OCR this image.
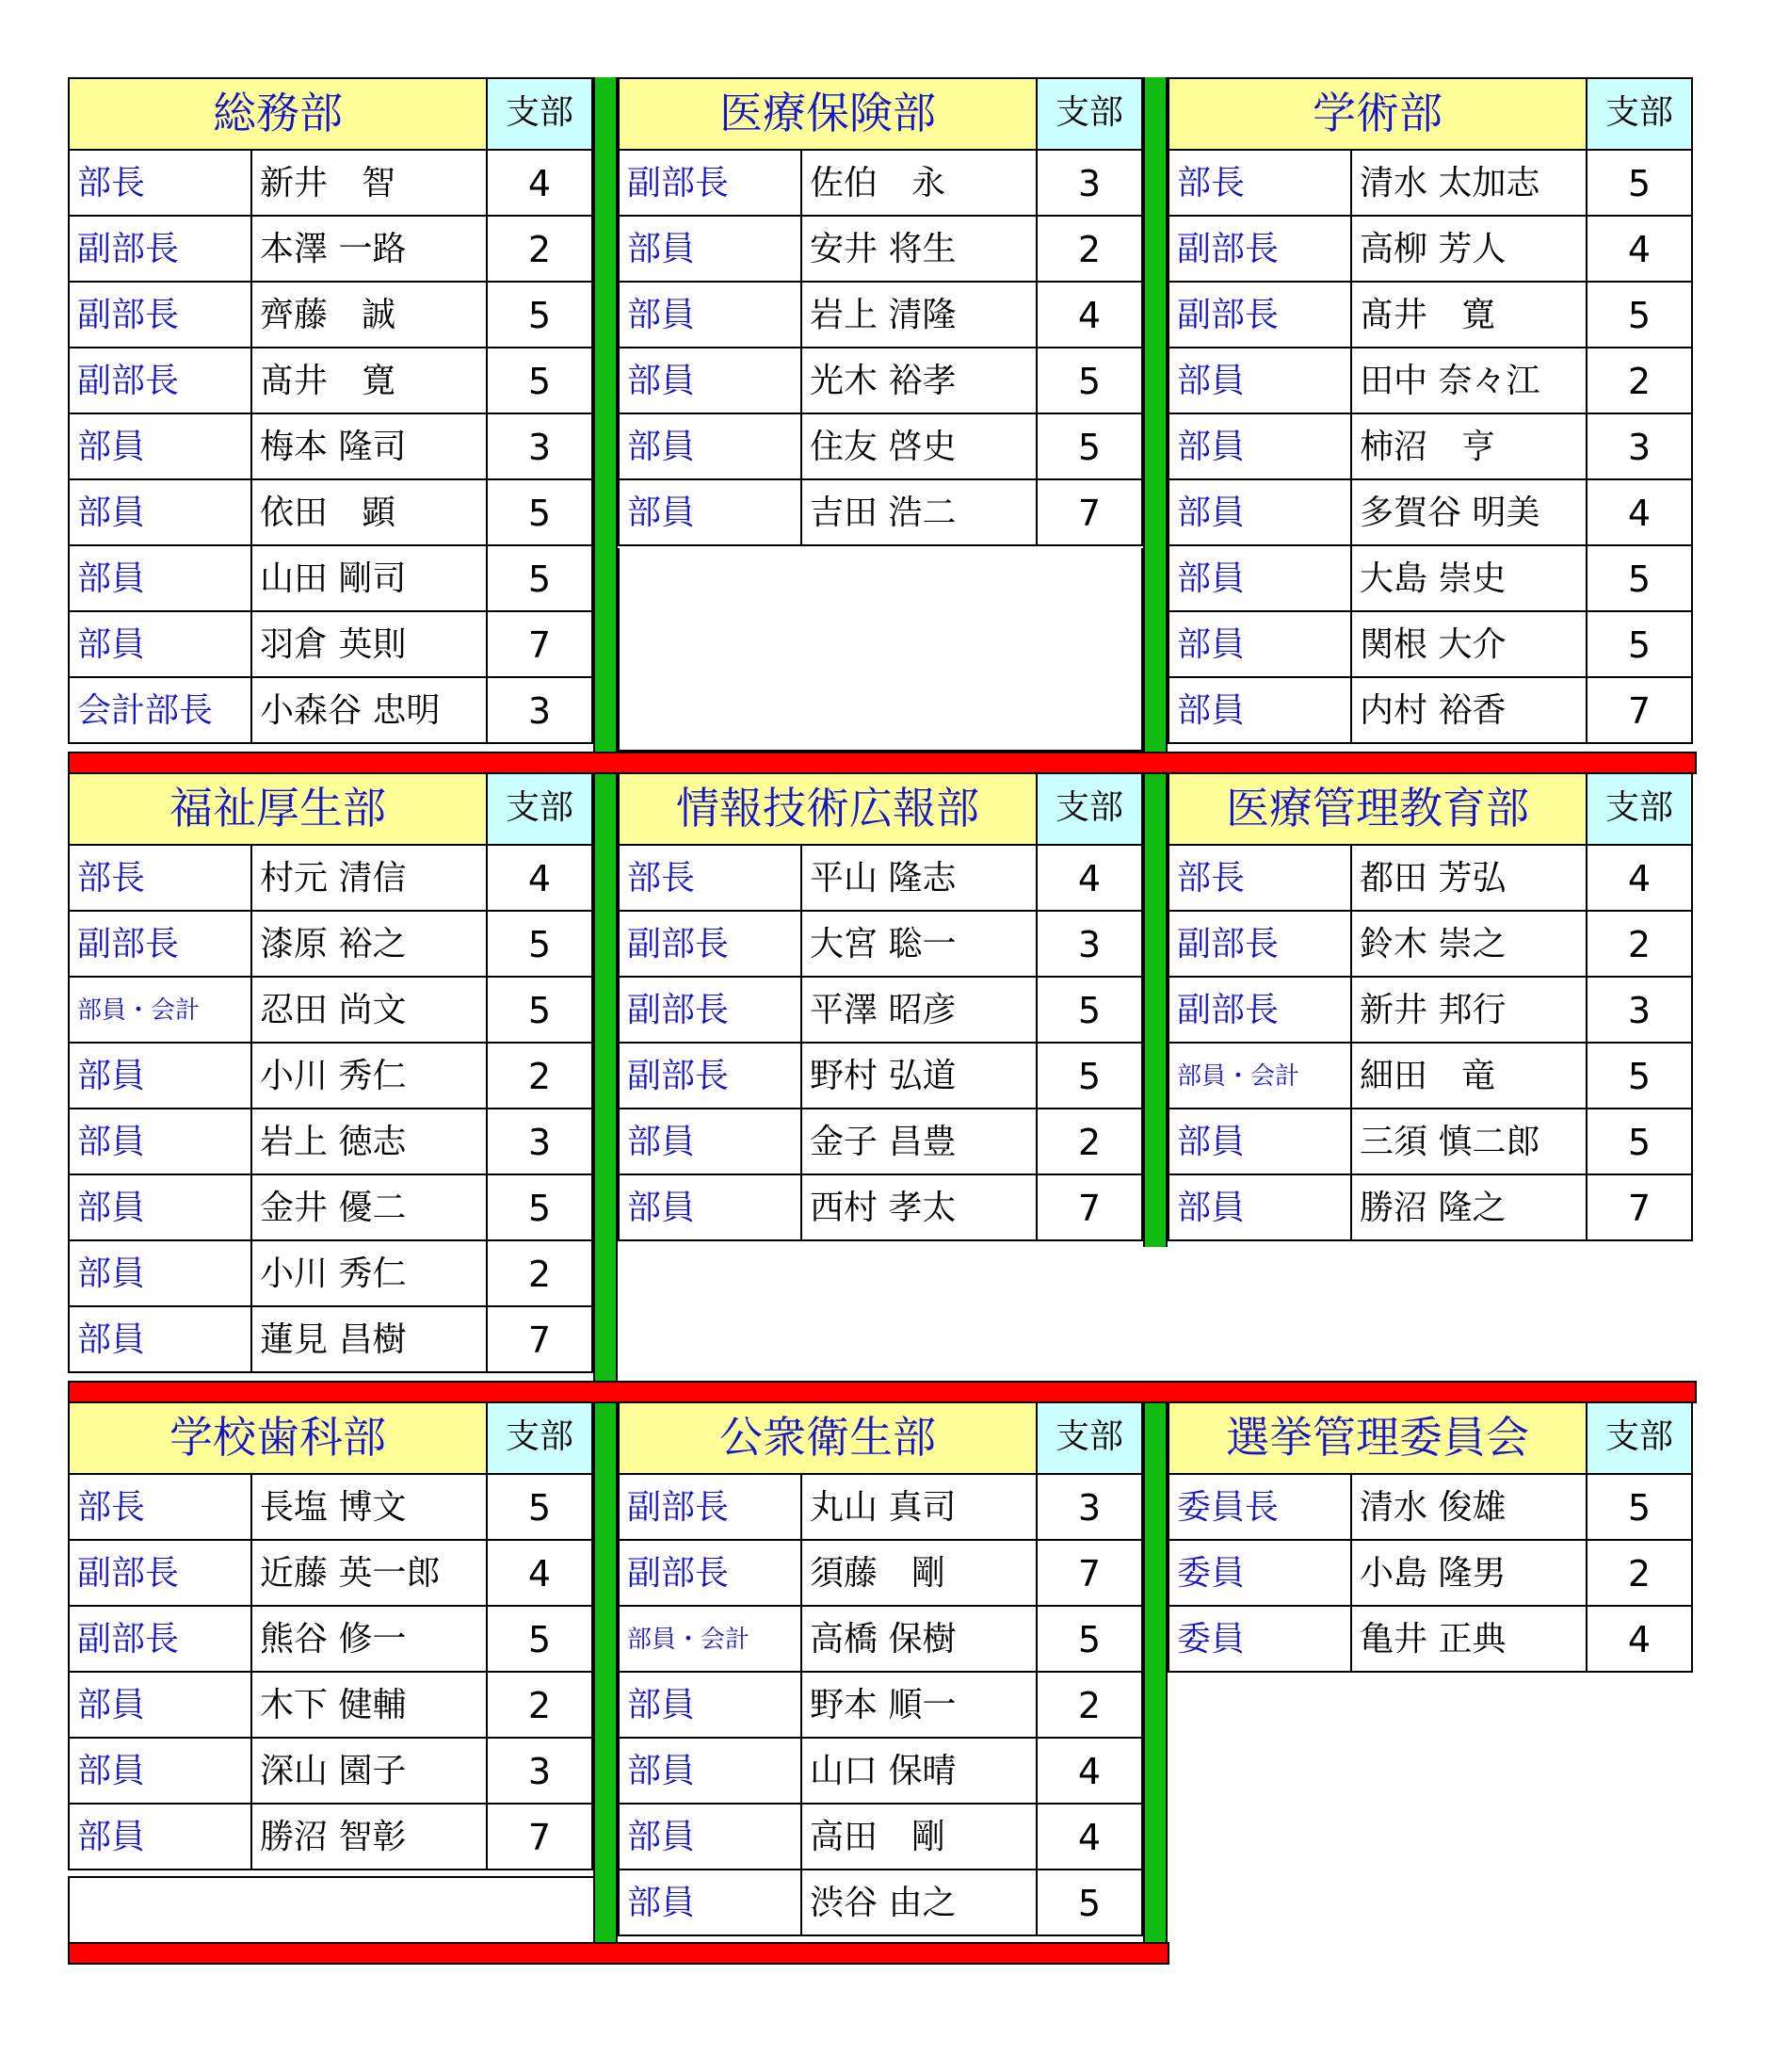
総務部	支部
部長	新井　智	4
副部長	本澤 一路	2
副部長	齊藤　誠	5
副部長	髙井　寛	5
部員	梅本 隆司	3
部員	依田　顕	5
部員	山田 剛司	5
部員	羽倉 英則	7
会計部長	小森谷 忠明	3
医療保険部	支部
副部長	佐伯　永	3
部員	安井 将生	2
部員	岩上 清隆	4
部員	光木 裕孝	5
部員	住友 啓史	5
部員	吉田 浩二	7
学術部	支部
部長	清水 太加志	5
副部長	高柳 芳人	4
副部長	髙井　寛	5
部員	田中 奈々江	2
部員	柿沼　亨	3
部員	多賀谷 明美	4
部員	大島 崇史	5
部員	関根 大介	5
部員	内村 裕香	7
福祉厚生部	支部
部長	村元 清信	4
副部長	漆原 裕之	5
部員・会計	忍田 尚文	5
部員	小川 秀仁	2
部員	岩上 徳志	3
部員	金井 優二	5
部員	小川 秀仁	2
部員	蓮見 昌樹	7
情報技術広報部	支部
部長	平山 隆志	4
副部長	大宮 聡一	3
副部長	平澤 昭彦	5
副部長	野村 弘道	5
部員	金子 昌豊	2
部員	西村 孝太	7
医療管理教育部	支部
部長	都田 芳弘	4
副部長	鈴木 崇之	2
副部長	新井 邦行	3
部員・会計	細田　竜	5
部員	三須 慎二郎	5
部員	勝沼 隆之	7
学校歯科部	支部
部長	長塩 博文	5
副部長	近藤 英一郎	4
副部長	熊谷 修一	5
部員	木下 健輔	2
部員	深山 園子	3
部員	勝沼 智彰	7
公衆衛生部	支部
副部長	丸山 真司	3
副部長	須藤　剛	7
部員・会計	高橋 保樹	5
部員	野本 順一	2
部員	山口 保晴	4
部員	高田　剛	4
部員	渋谷 由之	5
選挙管理委員会	支部
委員長	清水 俊雄	5
委員	小島 隆男	2
委員	亀井 正典	4
